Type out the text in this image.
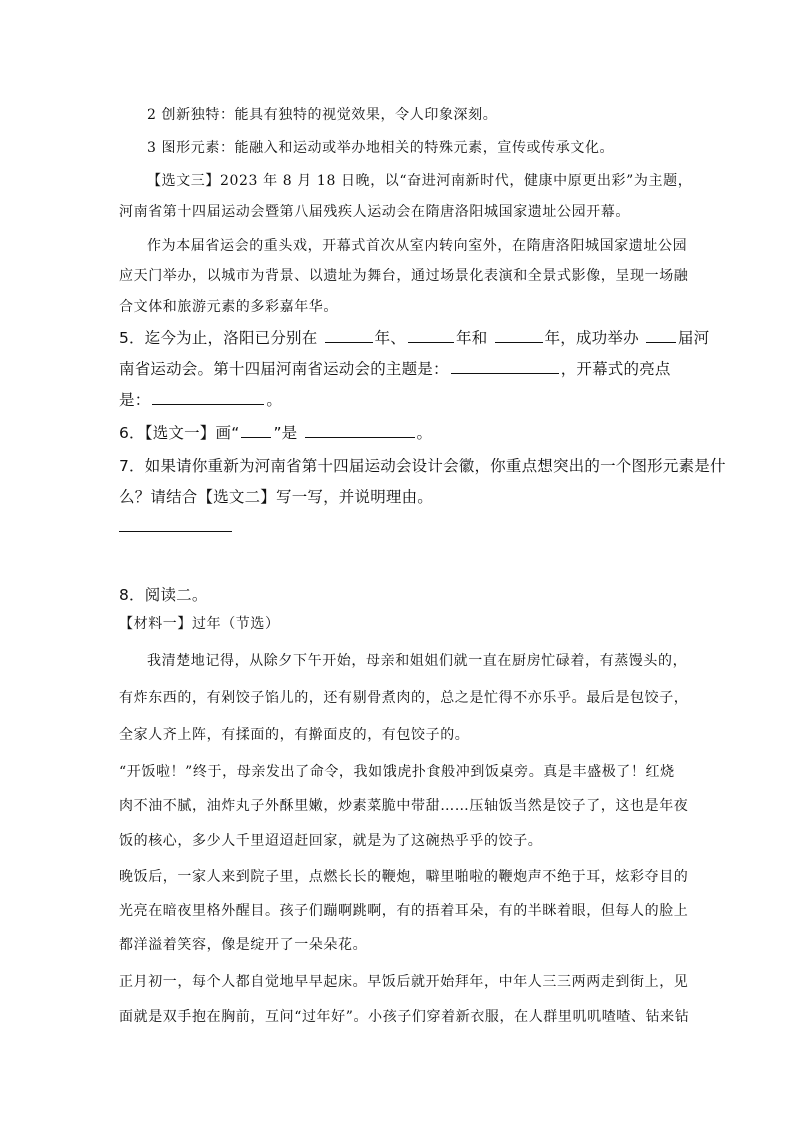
2 创新独特：能具有独特的视觉效果，令人印象深刻。
3 图形元素：能融入和运动或举办地相关的特殊元素，宣传或传承文化。
【选文三】2023 年 8 月 18 日晚，以“奋进河南新时代，健康中原更出彩”为主题，
河南省第十四届运动会暨第八届残疾人运动会在隋唐洛阳城国家遗址公园开幕。
作为本届省运会的重头戏，开幕式首次从室内转向室外，在隋唐洛阳城国家遗址公园
应天门举办，以城市为背景、以遗址为舞台，通过场景化表演和全景式影像，呈现一场融
合文体和旅游元素的多彩嘉年华。
5．迄今为止，洛阳已分别在	年、	年和	年，成功举办	届河
南省运动会。第十四届河南省运动会的主题是：	，开幕式的亮点
是：	。
6．【选文一】画“ ”是	。
7．如果请你重新为河南省第十四届运动会设计会徽，你重点想突出的一个图形元素是什
么？请结合【选文二】写一写，并说明理由。
8．阅读二。
【材料一】过年（节选）
我清楚地记得，从除夕下午开始，母亲和姐姐们就一直在厨房忙碌着，有蒸馒头的，
有炸东西的，有剁饺子馅儿的，还有剔骨煮肉的，总之是忙得不亦乐乎。最后是包饺子，
全家人齐上阵，有揉面的，有擀面皮的，有包饺子的。
“开饭啦！”终于，母亲发出了命令，我如饿虎扑食般冲到饭桌旁。真是丰盛极了！红烧
肉不油不腻，油炸丸子外酥里嫩，炒素菜脆中带甜……压轴饭当然是饺子了，这也是年夜
饭的核心，多少人千里迢迢赶回家，就是为了这碗热乎乎的饺子。
晚饭后，一家人来到院子里，点燃长长的鞭炮，噼里啪啦的鞭炮声不绝于耳，炫彩夺目的
光亮在暗夜里格外醒目。孩子们蹦啊跳啊，有的捂着耳朵，有的半眯着眼，但每人的脸上
都洋溢着笑容，像是绽开了一朵朵花。
正月初一，每个人都自觉地早早起床。早饭后就开始拜年，中年人三三两两走到街上，见
面就是双手抱在胸前，互问“过年好”。小孩子们穿着新衣服，在人群里叽叽喳喳、钻来钻
